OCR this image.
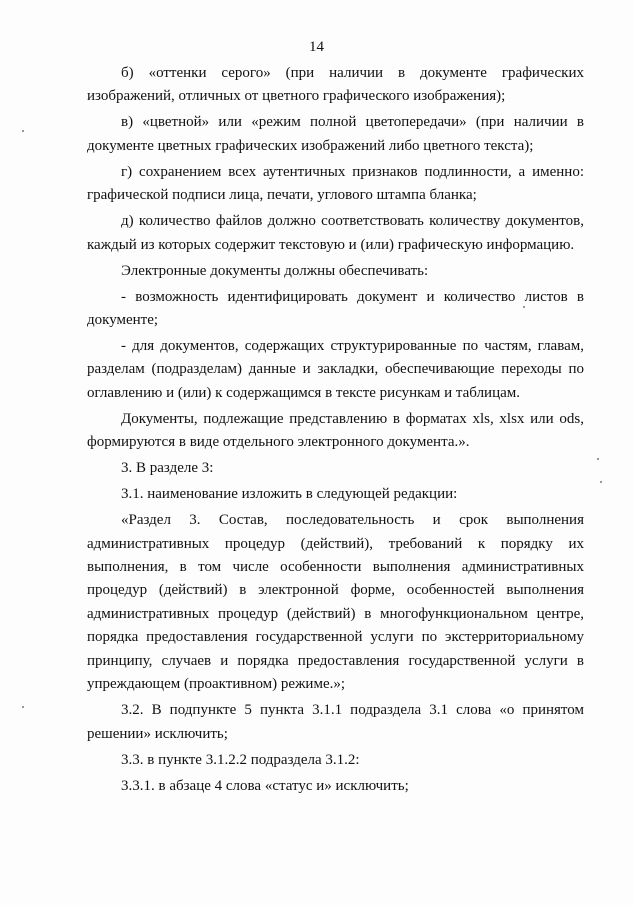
14

б) «оттенки серого» (при наличии в документе графических изображений, отличных от цветного графического изображения);

в) «цветной» или «режим полной цветопередачи» (при наличии в документе цветных графических изображений либо цветного текста);

г) сохранением всех аутентичных признаков подлинности, а именно: графической подписи лица, печати, углового штампа бланка;

д) количество файлов должно соответствовать количеству документов, каждый из которых содержит текстовую и (или) графическую информацию.

Электронные документы должны обеспечивать:

- возможность идентифицировать документ и количество листов в документе;

- для документов, содержащих структурированные по частям, главам, разделам (подразделам) данные и закладки, обеспечивающие переходы по оглавлению и (или) к содержащимся в тексте рисункам и таблицам.

Документы, подлежащие представлению в форматах xls, xlsx или ods, формируются в виде отдельного электронного документа.».

3. В разделе 3:

3.1. наименование изложить в следующей редакции:

«Раздел 3. Состав, последовательность и срок выполнения административных процедур (действий), требований к порядку их выполнения, в том числе особенности выполнения административных процедур (действий) в электронной форме, особенностей выполнения административных процедур (действий) в многофункциональном центре, порядка предоставления государственной услуги по экстерриториальному принципу, случаев и порядка предоставления государственной услуги в упреждающем (проактивном) режиме.»;

3.2. В подпункте 5 пункта 3.1.1 подраздела 3.1 слова «о принятом решении» исключить;

3.3. в пункте 3.1.2.2 подраздела 3.1.2:

3.3.1. в абзаце 4 слова «статус и» исключить;
